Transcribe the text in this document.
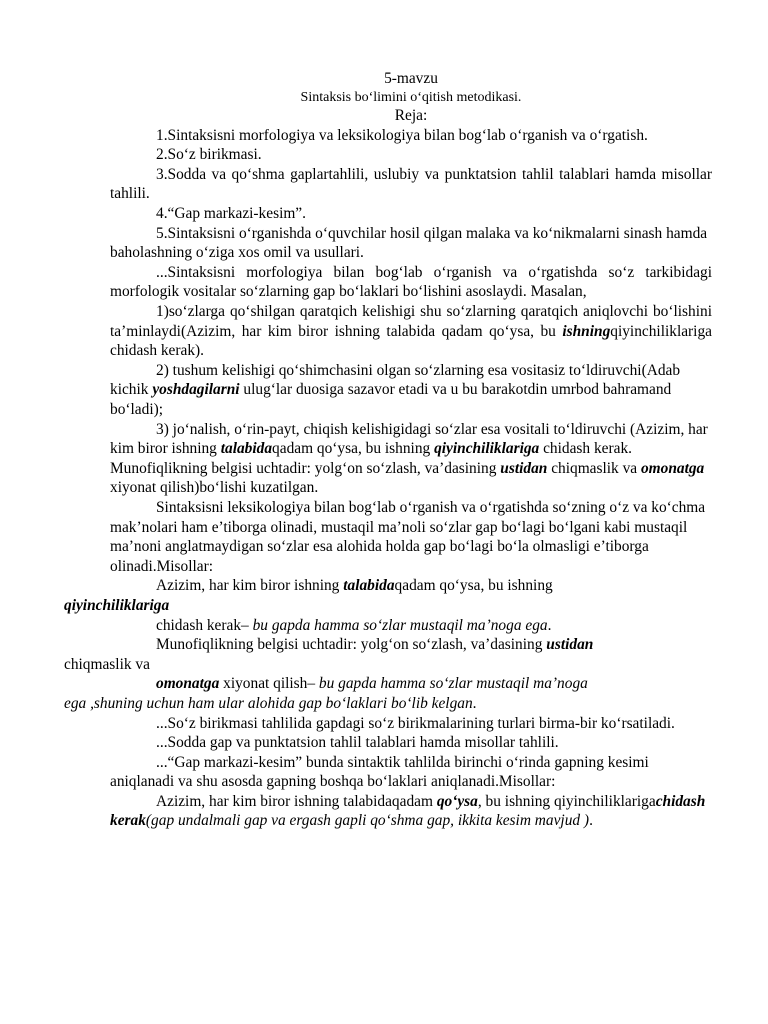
5-mavzu
Sintaksis bo‘limini o‘qitish metodikasi.
Reja:

1.Sintaksisni morfologiya va leksikologiya bilan bog‘lab o‘rganish va o‘rgatish.

2.So‘z birikmasi.

3.Sodda va qo‘shma gaplartahlili, uslubiy va punktatsion tahlil talablari hamda misollar tahlili.

4.“Gap markazi-kesim”.

5.Sintaksisni o‘rganishda o‘quvchilar hosil qilgan malaka va ko‘nikmalarni sinash hamda baholashning o‘ziga xos omil va usullari.

...Sintaksisni morfologiya bilan bog‘lab o‘rganish va o‘rgatishda so‘z tarkibidagi morfologik vositalar so‘zlarning gap bo‘laklari bo‘lishini asoslaydi. Masalan,

1)so‘zlarga qo‘shilgan qaratqich kelishigi shu so‘zlarning qaratqich aniqlovchi bo‘lishini ta’minlaydi(Azizim, har kim biror ishning talabida qadam qo‘ysa, bu ishningqiyinchiliklariga chidash kerak).

2) tushum kelishigi qo‘shimchasini olgan so‘zlarning esa vositasiz to‘ldiruvchi(Adab kichik yoshdagilarni ulug‘lar duosiga sazavor etadi va u bu barakotdin umrbod bahramand bo‘ladi);

3) jo‘nalish, o‘rin-payt, chiqish kelishigidagi so‘zlar esa vositali to‘ldiruvchi (Azizim, har kim biror ishning talabidaqadam qo‘ysa, bu ishning qiyinchiliklariga chidash kerak. Munofiqlikning belgisi uchtadir: yolg‘on so‘zlash, va’dasining ustidan chiqmaslik va omonatga xiyonat qilish)bo‘lishi kuzatilgan.

Sintaksisni leksikologiya bilan bog‘lab o‘rganish va o‘rgatishda so‘zning o‘z va ko‘chma mak’nolari ham e’tiborga olinadi, mustaqil ma’noli so‘zlar gap bo‘lagi bo‘lgani kabi mustaqil ma’noni anglatmaydigan so‘zlar esa alohida holda gap bo‘lagi bo‘la olmasligi e’tiborga olinadi.Misollar:

Azizim, har kim biror ishning talabidaqadam qo‘ysa, bu ishning
qiyinchiliklariga

chidash kerak– bu gapda hamma so‘zlar mustaqil ma’noga ega.

Munofiqlikning belgisi uchtadir: yolg‘on so‘zlash, va’dasining ustidan
chiqmaslik va

omonatga xiyonat qilish– bu gapda hamma so‘zlar mustaqil ma’noga
ega ,shuning uchun ham ular alohida gap bo‘laklari bo‘lib kelgan.

...So‘z birikmasi tahlilida gapdagi so‘z birikmalarining turlari birma-bir ko‘rsatiladi.

...Sodda gap va punktatsion tahlil talablari hamda misollar tahlili.

...“Gap markazi-kesim” bunda sintaktik tahlilda birinchi o‘rinda gapning kesimi aniqlanadi va shu asosda gapning boshqa bo‘laklari aniqlanadi.Misollar:

Azizim, har kim biror ishning talabidaqadam qo‘ysa, bu ishning qiyinchiliklarigachidash kerak(gap undalmali gap va ergash gapli qo‘shma gap, ikkita kesim mavjud ).
